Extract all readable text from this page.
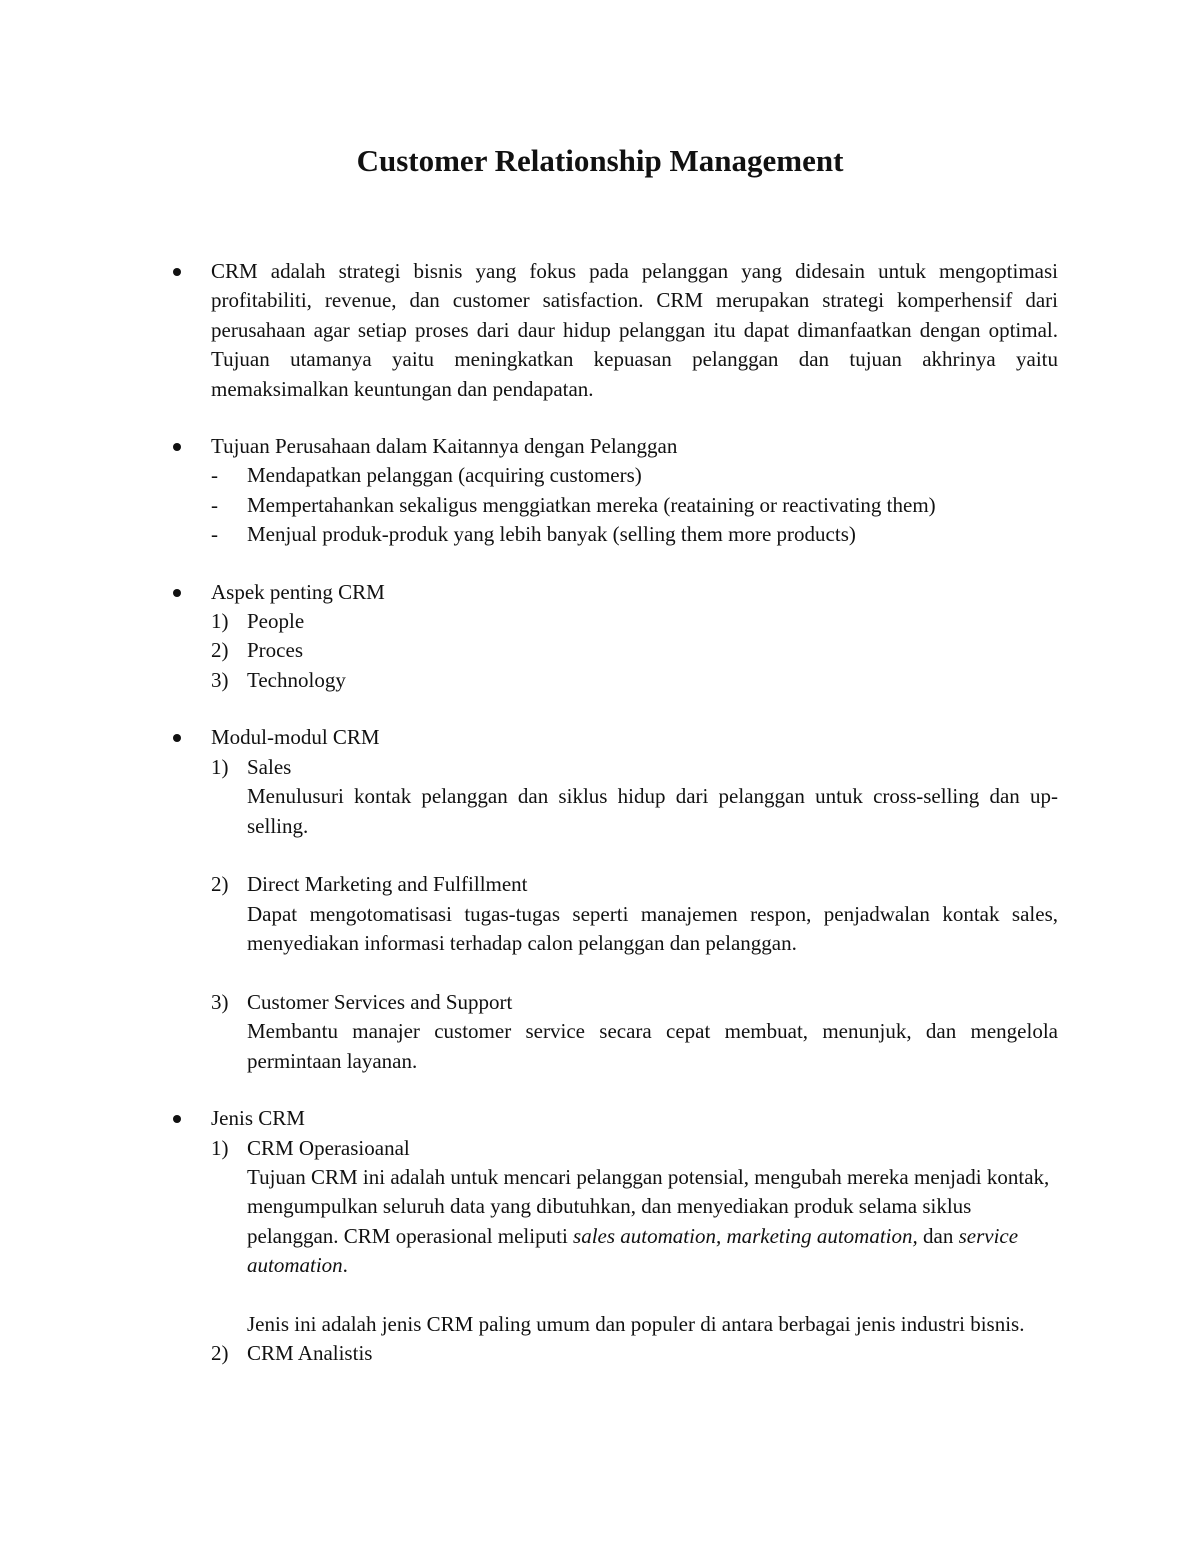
Customer Relationship Management
CRM adalah strategi bisnis yang fokus pada pelanggan yang didesain untuk mengoptimasi profitabiliti, revenue, dan customer satisfaction. CRM merupakan strategi komperhensif dari perusahaan agar setiap proses dari daur hidup pelanggan itu dapat dimanfaatkan dengan optimal. Tujuan utamanya yaitu meningkatkan kepuasan pelanggan dan tujuan akhrinya yaitu memaksimalkan keuntungan dan pendapatan.
Tujuan Perusahaan dalam Kaitannya dengan Pelanggan
- Mendapatkan pelanggan (acquiring customers)
- Mempertahankan sekaligus menggiatkan mereka (reataining or reactivating them)
- Menjual produk-produk yang lebih banyak (selling them more products)
Aspek penting CRM
1) People
2) Proces
3) Technology
Modul-modul CRM
1) Sales
Menulusuri kontak pelanggan dan siklus hidup dari pelanggan untuk cross-selling dan up-selling.
2) Direct Marketing and Fulfillment
Dapat mengotomatisasi tugas-tugas seperti manajemen respon, penjadwalan kontak sales, menyediakan informasi terhadap calon pelanggan dan pelanggan.
3) Customer Services and Support
Membantu manajer customer service secara cepat membuat, menunjuk, dan mengelola permintaan layanan.
Jenis CRM
1) CRM Operasioanal
Tujuan CRM ini adalah untuk mencari pelanggan potensial, mengubah mereka menjadi kontak, mengumpulkan seluruh data yang dibutuhkan, dan menyediakan produk selama siklus pelanggan. CRM operasional meliputi sales automation, marketing automation, dan service automation.
Jenis ini adalah jenis CRM paling umum dan populer di antara berbagai jenis industri bisnis.
2) CRM Analistis
